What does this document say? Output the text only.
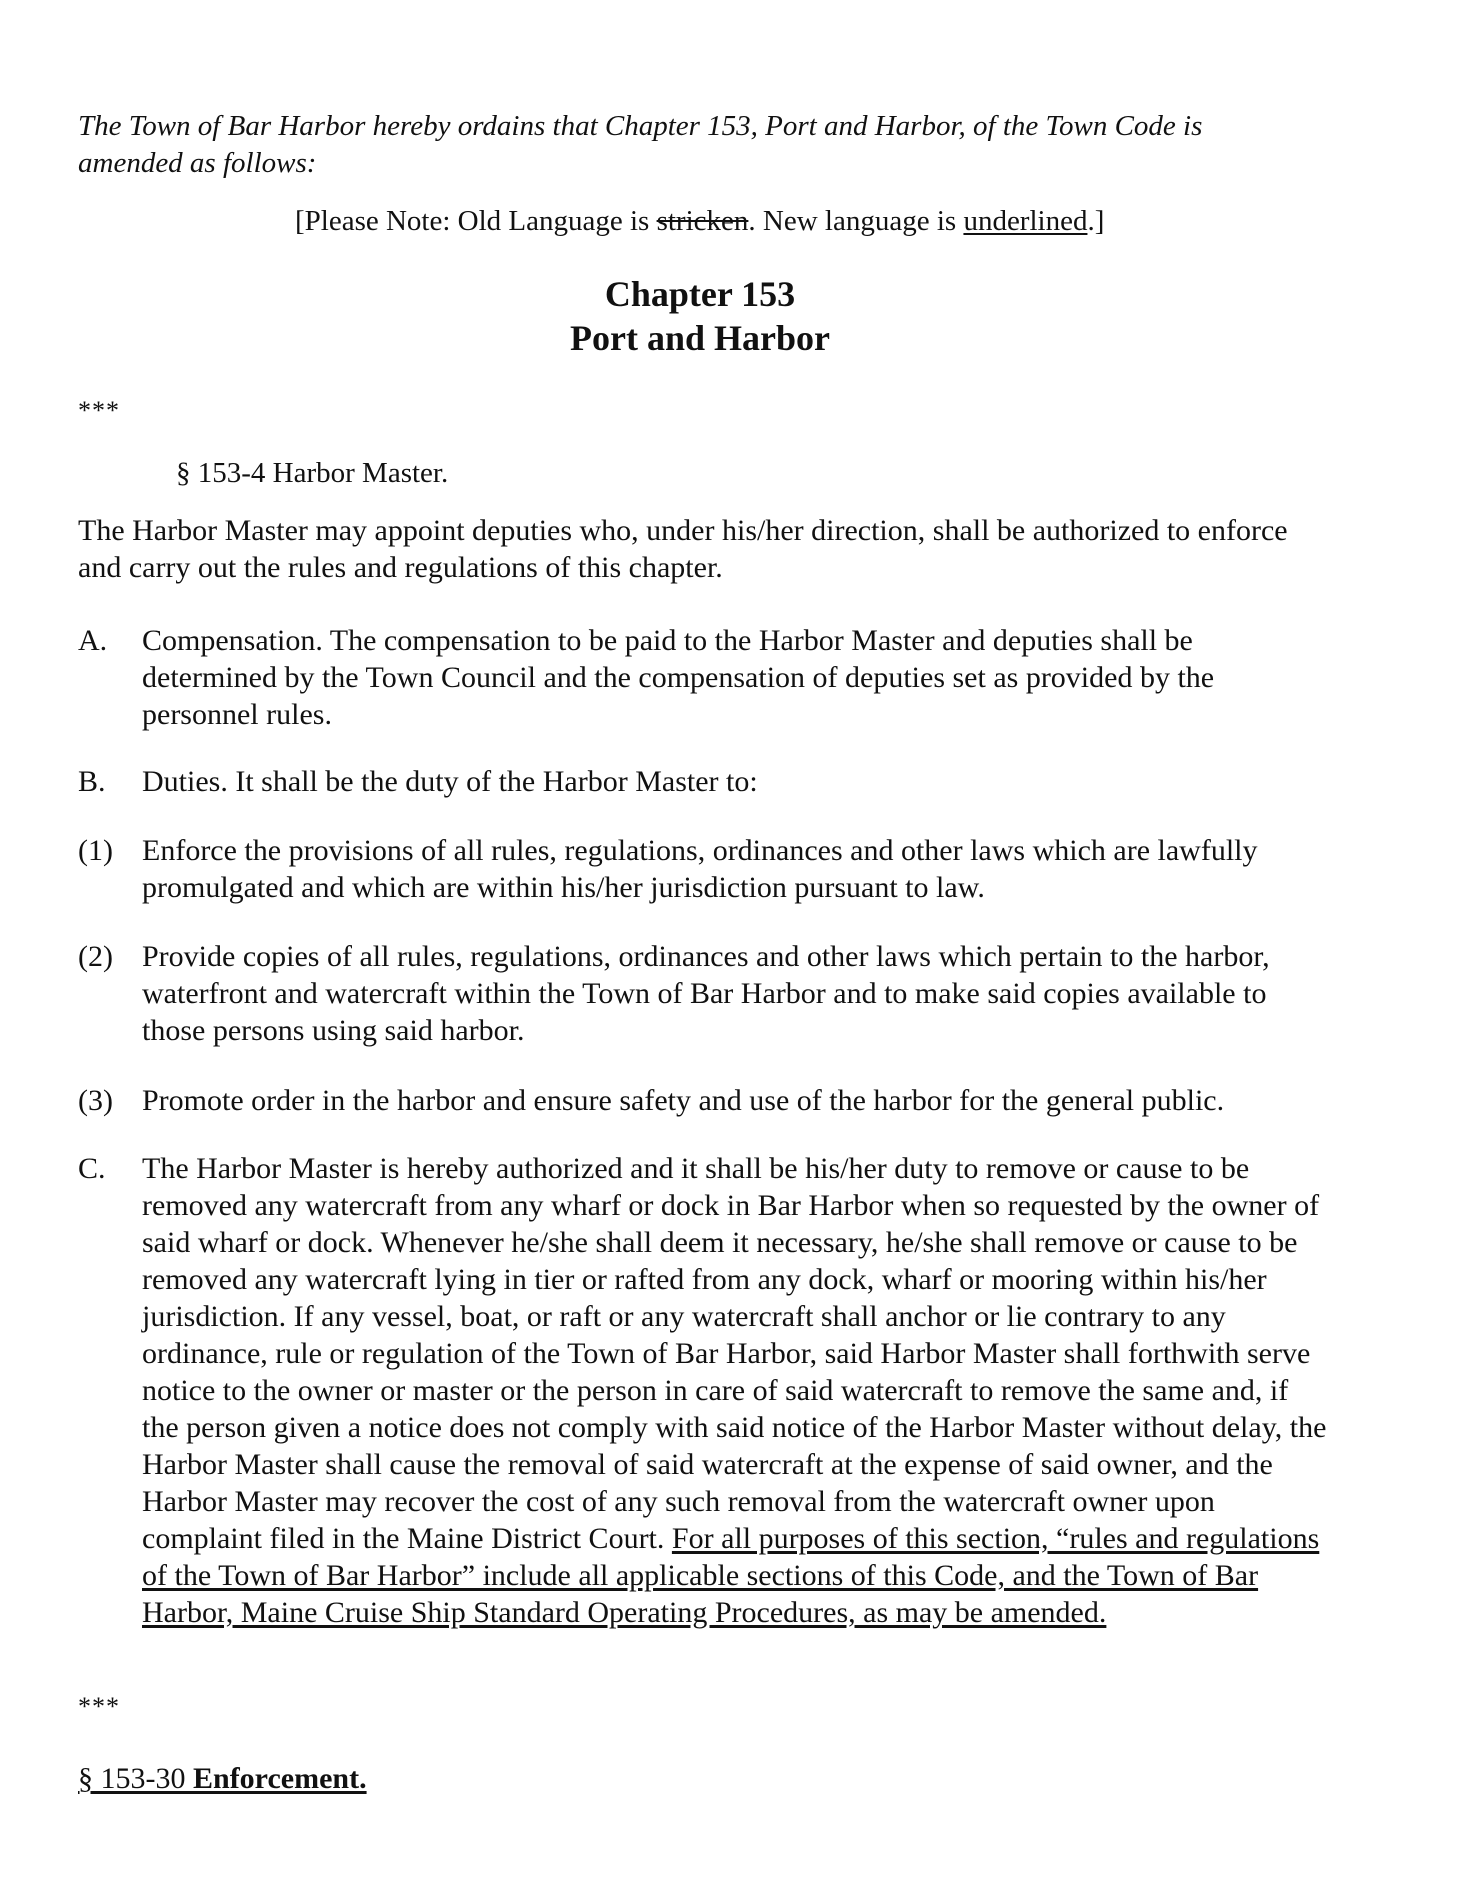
The Town of Bar Harbor hereby ordains that Chapter 153, Port and Harbor, of the Town Code is amended as follows:
[Please Note: Old Language is stricken. New language is underlined.]
Chapter 153
Port and Harbor
***
§ 153-4 Harbor Master.
The Harbor Master may appoint deputies who, under his/her direction, shall be authorized to enforce and carry out the rules and regulations of this chapter.
A.	Compensation. The compensation to be paid to the Harbor Master and deputies shall be determined by the Town Council and the compensation of deputies set as provided by the personnel rules.
B.	Duties. It shall be the duty of the Harbor Master to:
(1) Enforce the provisions of all rules, regulations, ordinances and other laws which are lawfully promulgated and which are within his/her jurisdiction pursuant to law.
(2) Provide copies of all rules, regulations, ordinances and other laws which pertain to the harbor, waterfront and watercraft within the Town of Bar Harbor and to make said copies available to those persons using said harbor.
(3) Promote order in the harbor and ensure safety and use of the harbor for the general public.
C.	The Harbor Master is hereby authorized and it shall be his/her duty to remove or cause to be removed any watercraft from any wharf or dock in Bar Harbor when so requested by the owner of said wharf or dock. Whenever he/she shall deem it necessary, he/she shall remove or cause to be removed any watercraft lying in tier or rafted from any dock, wharf or mooring within his/her jurisdiction. If any vessel, boat, or raft or any watercraft shall anchor or lie contrary to any ordinance, rule or regulation of the Town of Bar Harbor, said Harbor Master shall forthwith serve notice to the owner or master or the person in care of said watercraft to remove the same and, if the person given a notice does not comply with said notice of the Harbor Master without delay, the Harbor Master shall cause the removal of said watercraft at the expense of said owner, and the Harbor Master may recover the cost of any such removal from the watercraft owner upon complaint filed in the Maine District Court. For all purposes of this section, “rules and regulations of the Town of Bar Harbor” include all applicable sections of this Code, and the Town of Bar Harbor, Maine Cruise Ship Standard Operating Procedures, as may be amended.
***
§ 153-30 Enforcement.
